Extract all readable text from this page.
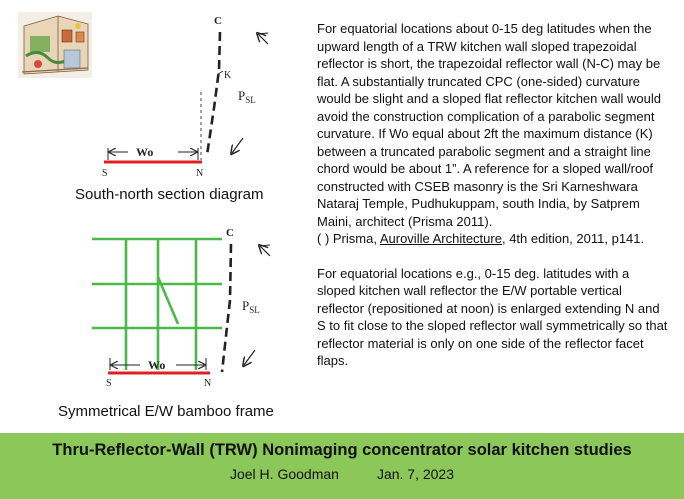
C
K
$P_{SL}$
Wo
S	N
South-north section diagram
C
$P_{SL}$
Wo
S	N
Symmetrical E/W bamboo frame

For equatorial locations about 0-15 deg latitudes when the upward length of a TRW kitchen wall sloped trapezoidal reflector is short, the trapezoidal reflector wall (N-C) may be flat. A substantially truncated CPC (one-sided) curvature would be slight and a sloped flat reflector kitchen wall would avoid the construction complication of a parabolic segment curvature. If Wo equal about 2ft the maximum distance (K) between a truncated parabolic segment and a straight line chord would be about 1”. A reference for a sloped wall/roof constructed with CSEB masonry is the Sri Karneshwara Nataraj Temple, Pudhukuppam, south India, by Satprem Maini, architect (Prisma 2011).

( ) Prisma, Auroville Architecture, 4th edition, 2011, p141.

For equatorial locations e.g., 0-15 deg. latitudes with a sloped kitchen wall reflector the E/W portable vertical reflector (repositioned at noon) is enlarged extending N and S to fit close to the sloped reflector wall symmetrically so that reflector material is only on one side of the reflector facet flaps.

Thru-Reflector-Wall (TRW) Nonimaging concentrator solar kitchen studies
Joel H. Goodman	Jan. 7, 2023
